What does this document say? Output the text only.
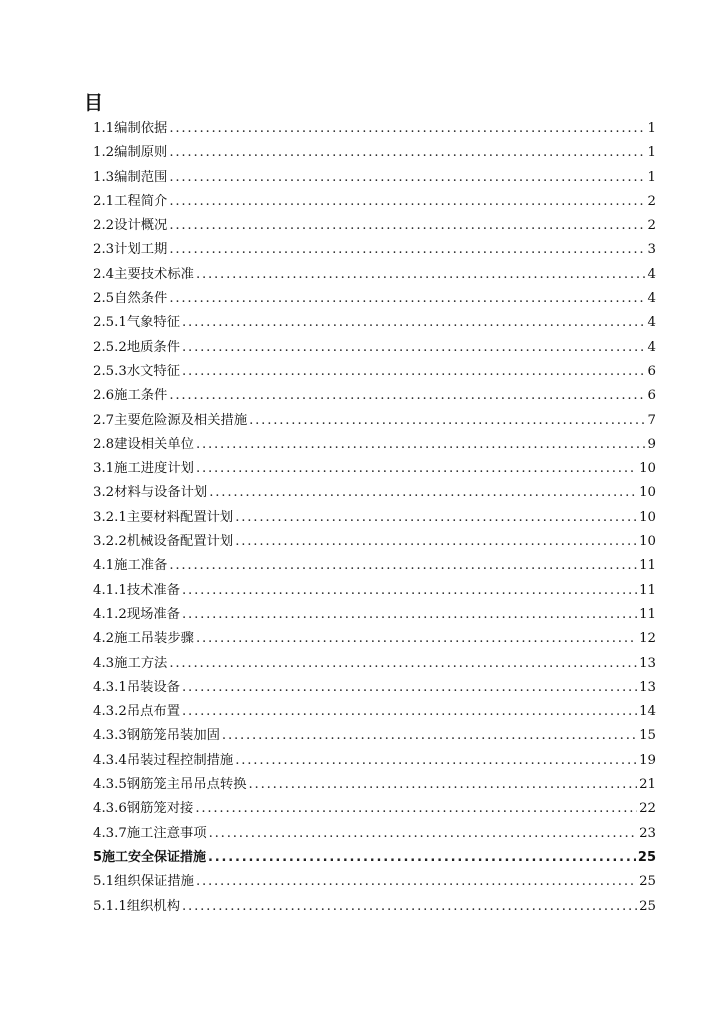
目
1.1编制依据 .....	1
1.2编制原则 .....	1
1.3编制范围 .....	1
2.1工程简介 .....	2
2.2设计概况 .....	2
2.3计划工期 .....	3
2.4主要技术标准 .....	4
2.5自然条件 .....	4
2.5.1气象特征 .....	4
2.5.2地质条件 .....	4
2.5.3水文特征 .....	6
2.6施工条件 .....	6
2.7主要危险源及相关措施 .....	7
2.8建设相关单位 .....	9
3.1施工进度计划 .....	10
3.2材料与设备计划 .....	10
3.2.1主要材料配置计划 .....	10
3.2.2机械设备配置计划 .....	10
4.1施工准备 .....	11
4.1.1技术准备 .....	11
4.1.2现场准备 .....	11
4.2施工吊装步骤 .....	12
4.3施工方法 .....	13
4.3.1吊装设备 .....	13
4.3.2吊点布置 .....	14
4.3.3钢筋笼吊装加固 .....	15
4.3.4吊装过程控制措施 .....	19
4.3.5钢筋笼主吊吊点转换 .....	21
4.3.6钢筋笼对接 .....	22
4.3.7施工注意事项 .....	23
5施工安全保证措施 .....	25
5.1组织保证措施 .....	25
5.1.1组织机构 .....	25
